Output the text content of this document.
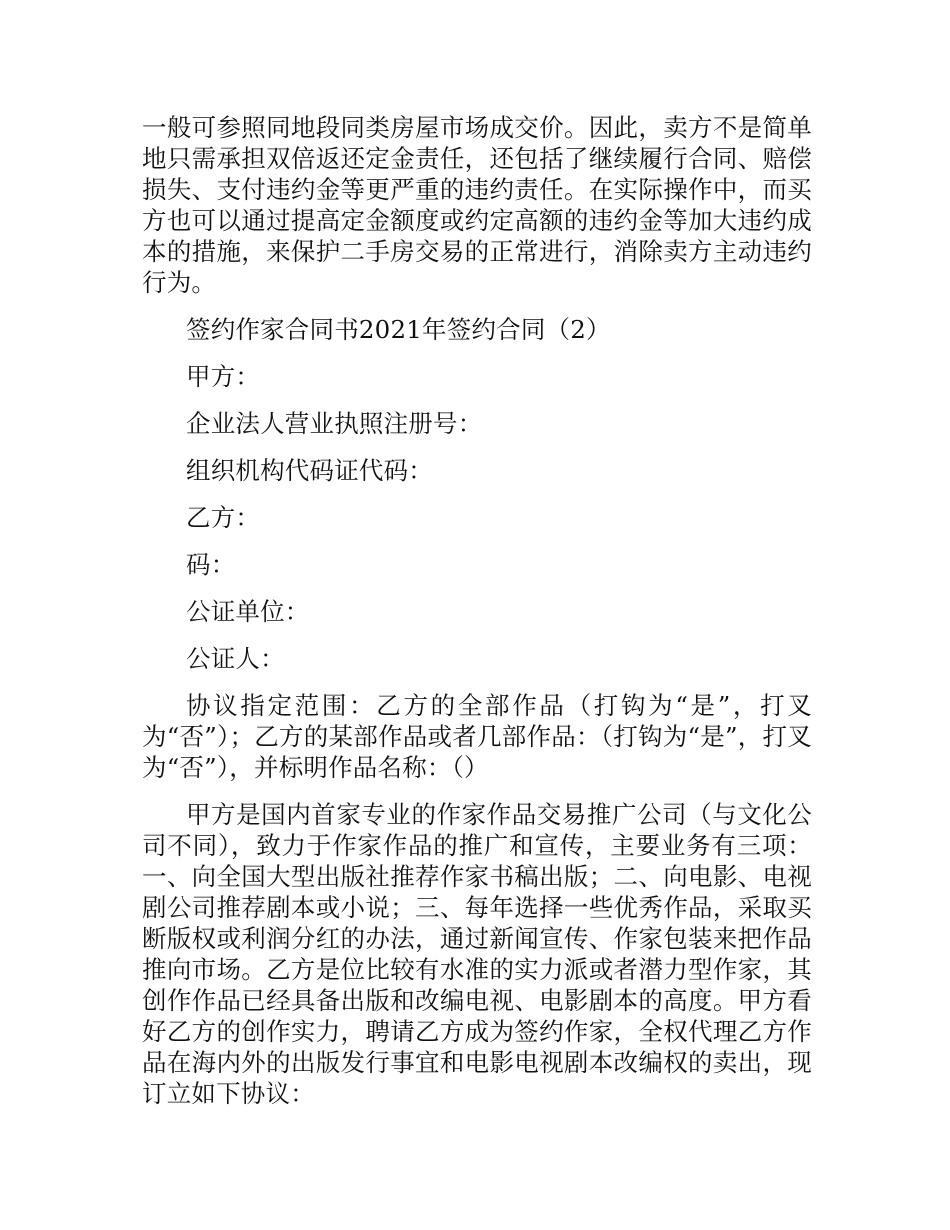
一般可参照同地段同类房屋市场成交价。因此，卖方不是简单地只需承担双倍返还定金责任，还包括了继续履行合同、赔偿损失、支付违约金等更严重的违约责任。在实际操作中，而买方也可以通过提高定金额度或约定高额的违约金等加大违约成本的措施，来保护二手房交易的正常进行，消除卖方主动违约行为。

签约作家合同书2021年签约合同（2）

甲方：

企业法人营业执照注册号：

组织机构代码证代码：

乙方：

码：

公证单位：

公证人：

协议指定范围：乙方的全部作品（打钩为“是”，打叉为“否”）；乙方的某部作品或者几部作品：（打钩为“是”，打叉为“否”），并标明作品名称：（）

甲方是国内首家专业的作家作品交易推广公司（与文化公司不同），致力于作家作品的推广和宣传，主要业务有三项：一、向全国大型出版社推荐作家书稿出版；二、向电影、电视剧公司推荐剧本或小说；三、每年选择一些优秀作品，采取买断版权或利润分红的办法，通过新闻宣传、作家包装来把作品推向市场。乙方是位比较有水准的实力派或者潜力型作家，其创作作品已经具备出版和改编电视、电影剧本的高度。甲方看好乙方的创作实力，聘请乙方成为签约作家，全权代理乙方作品在海内外的出版发行事宜和电影电视剧本改编权的卖出，现订立如下协议：
